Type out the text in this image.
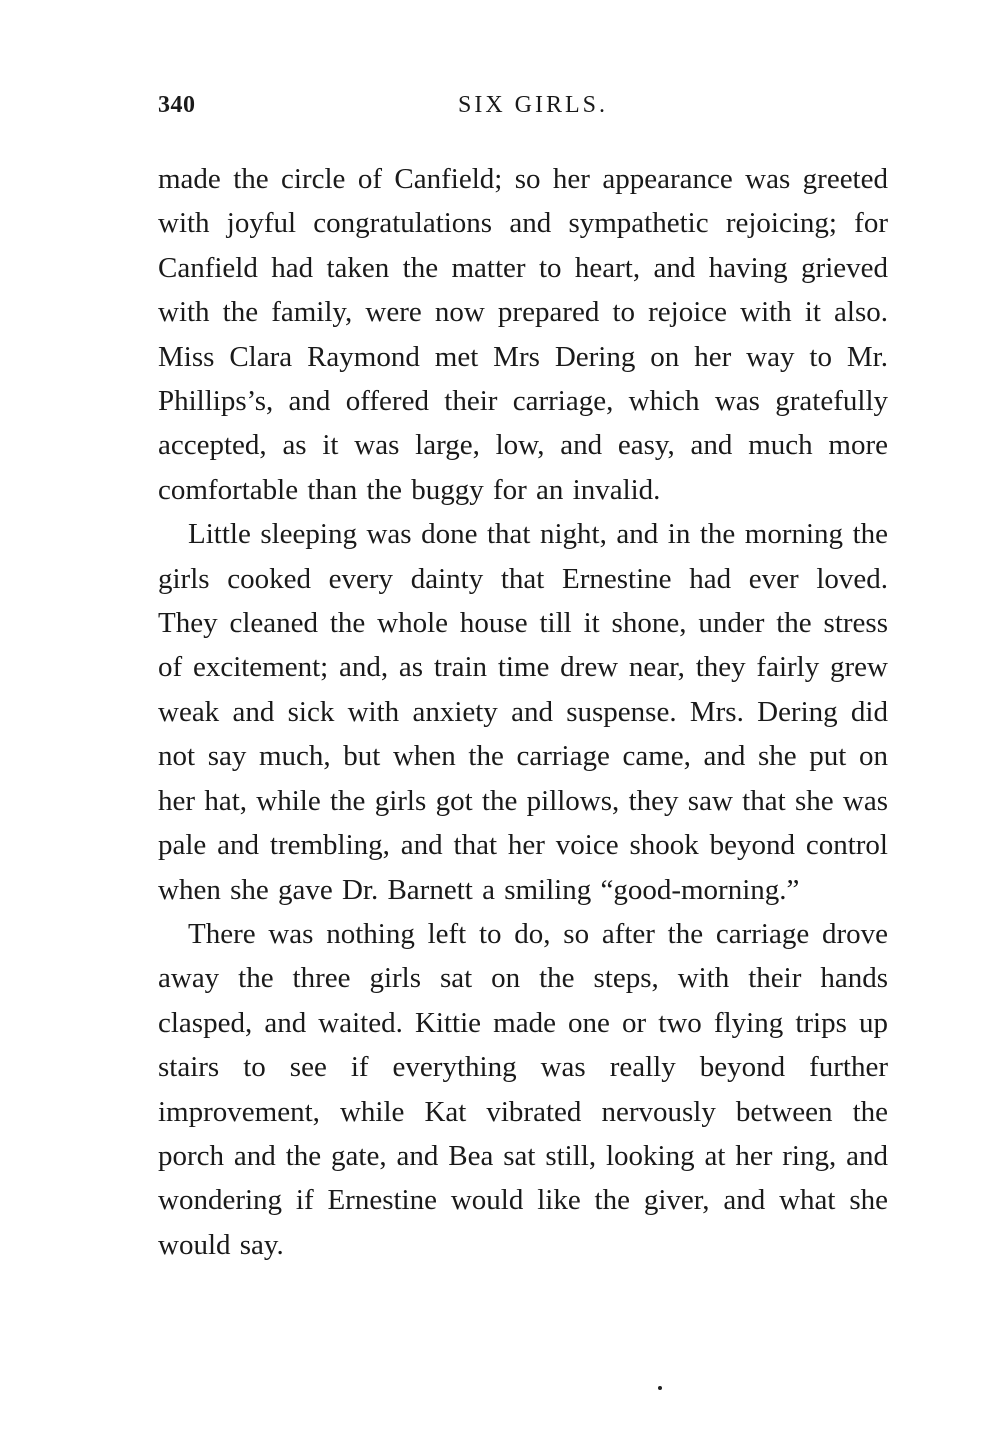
340	SIX GIRLS.

made the circle of Canfield; so her appearance was greeted with joyful congratulations and sympathetic rejoicing; for Canfield had taken the matter to heart, and having grieved with the family, were now prepared to rejoice with it also. Miss Clara Raymond met Mrs Dering on her way to Mr. Phillips’s, and offered their carriage, which was gratefully accepted, as it was large, low, and easy, and much more comfortable than the buggy for an invalid.

Little sleeping was done that night, and in the morning the girls cooked every dainty that Ernestine had ever loved. They cleaned the whole house till it shone, under the stress of excitement; and, as train time drew near, they fairly grew weak and sick with anxiety and suspense. Mrs. Dering did not say much, but when the carriage came, and she put on her hat, while the girls got the pillows, they saw that she was pale and trembling, and that her voice shook beyond control when she gave Dr. Barnett a smiling “good-morning.”

There was nothing left to do, so after the carriage drove away the three girls sat on the steps, with their hands clasped, and waited. Kittie made one or two flying trips up stairs to see if everything was really beyond further improvement, while Kat vibrated nervously between the porch and the gate, and Bea sat still, looking at her ring, and wondering if Ernestine would like the giver, and what she would say.
